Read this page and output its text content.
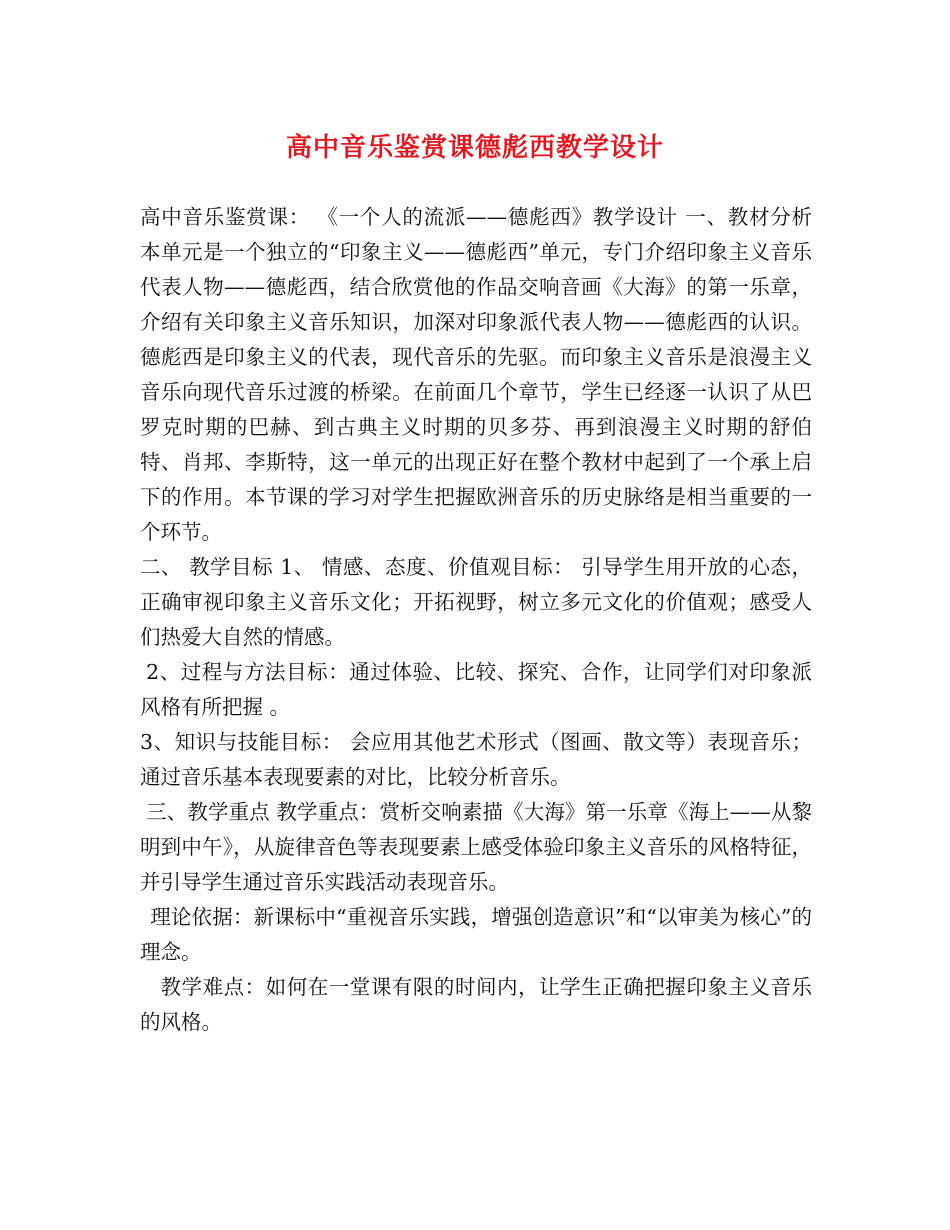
高中音乐鉴赏课德彪西教学设计

高中音乐鉴赏课： 《一个人的流派——德彪西》教学设计 一、教材分析 本单元是一个独立的“印象主义——德彪西”单元，专门介绍印象主义音乐代表人物——德彪西，结合欣赏他的作品交响音画《大海》的第一乐章，介绍有关印象主义音乐知识，加深对印象派代表人物——德彪西的认识。德彪西是印象主义的代表，现代音乐的先驱。而印象主义音乐是浪漫主义音乐向现代音乐过渡的桥梁。在前面几个章节，学生已经逐一认识了从巴罗克时期的巴赫、到古典主义时期的贝多芬、再到浪漫主义时期的舒伯特、肖邦、李斯特，这一单元的出现正好在整个教材中起到了一个承上启下的作用。本节课的学习对学生把握欧洲音乐的历史脉络是相当重要的一个环节。

二、 教学目标 1、 情感、态度、价值观目标： 引导学生用开放的心态，正确审视印象主义音乐文化；开拓视野，树立多元文化的价值观；感受人们热爱大自然的情感。

2、过程与方法目标：通过体验、比较、探究、合作，让同学们对印象派风格有所把握 。

3、知识与技能目标： 会应用其他艺术形式（图画、散文等）表现音乐；通过音乐基本表现要素的对比，比较分析音乐。

三、教学重点 教学重点：赏析交响素描《大海》第一乐章《海上——从黎明到中午》，从旋律音色等表现要素上感受体验印象主义音乐的风格特征，并引导学生通过音乐实践活动表现音乐。

理论依据：新课标中“重视音乐实践，增强创造意识”和“以审美为核心”的理念。

教学难点：如何在一堂课有限的时间内，让学生正确把握印象主义音乐的风格。
